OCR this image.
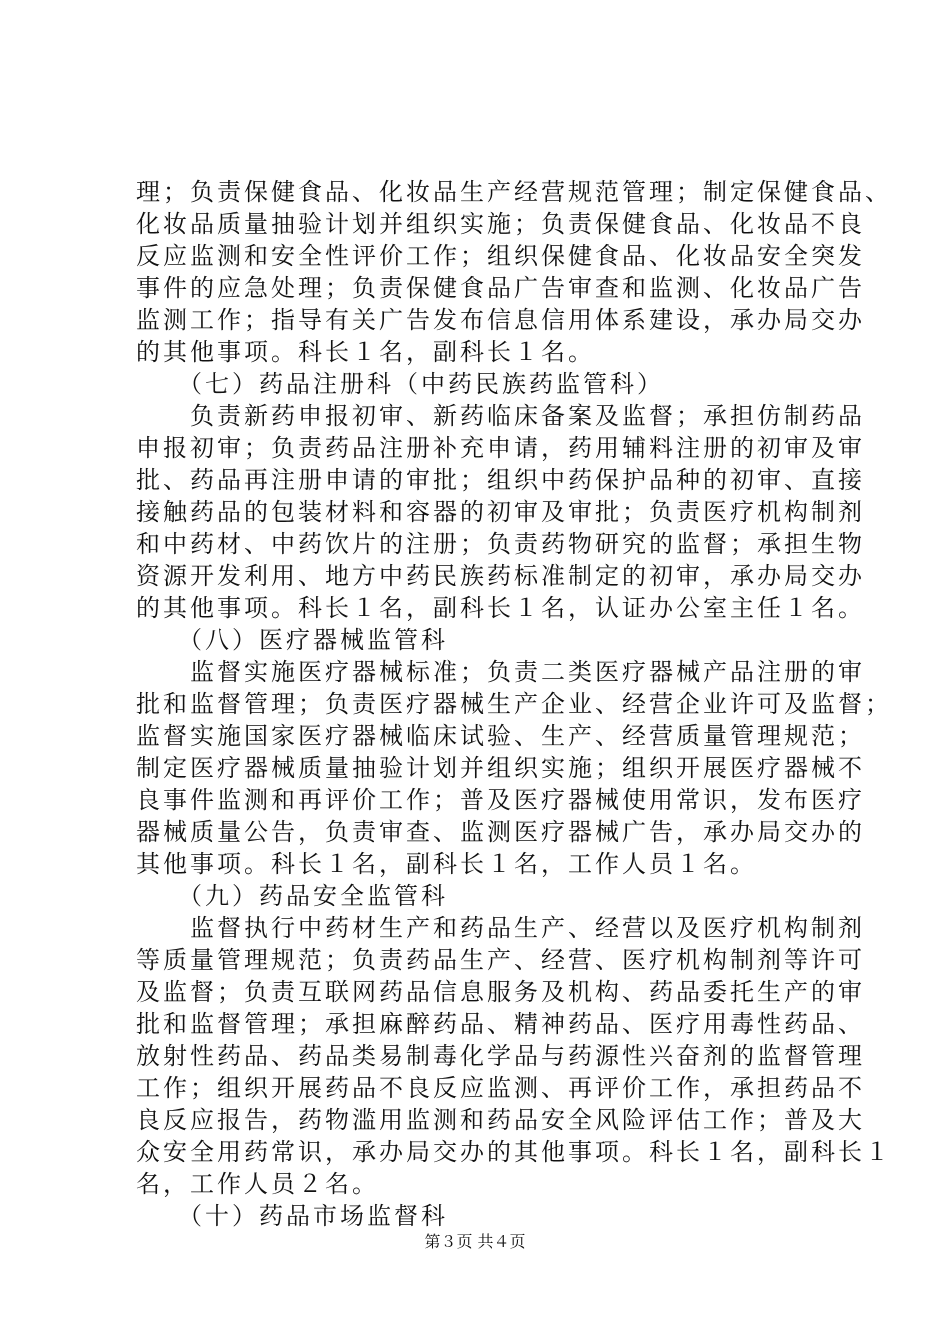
理；负责保健食品、化妆品生产经营规范管理；制定保健食品、
化妆品质量抽验计划并组织实施；负责保健食品、化妆品不良
反应监测和安全性评价工作；组织保健食品、化妆品安全突发
事件的应急处理；负责保健食品广告审查和监测、化妆品广告
监测工作；指导有关广告发布信息信用体系建设，承办局交办
的其他事项。科长１名，副科长１名。
　　（七）药品注册科（中药民族药监管科）
　　负责新药申报初审、新药临床备案及监督；承担仿制药品
申报初审；负责药品注册补充申请，药用辅料注册的初审及审
批、药品再注册申请的审批；组织中药保护品种的初审、直接
接触药品的包装材料和容器的初审及审批；负责医疗机构制剂
和中药材、中药饮片的注册；负责药物研究的监督；承担生物
资源开发利用、地方中药民族药标准制定的初审，承办局交办
的其他事项。科长１名，副科长１名，认证办公室主任１名。
　　（八）医疗器械监管科
　　监督实施医疗器械标准；负责二类医疗器械产品注册的审
批和监督管理；负责医疗器械生产企业、经营企业许可及监督；
监督实施国家医疗器械临床试验、生产、经营质量管理规范；
制定医疗器械质量抽验计划并组织实施；组织开展医疗器械不
良事件监测和再评价工作；普及医疗器械使用常识，发布医疗
器械质量公告，负责审查、监测医疗器械广告，承办局交办的
其他事项。科长１名，副科长１名，工作人员１名。
　　（九）药品安全监管科
　　监督执行中药材生产和药品生产、经营以及医疗机构制剂
等质量管理规范；负责药品生产、经营、医疗机构制剂等许可
及监督；负责互联网药品信息服务及机构、药品委托生产的审
批和监督管理；承担麻醉药品、精神药品、医疗用毒性药品、
放射性药品、药品类易制毒化学品与药源性兴奋剂的监督管理
工作；组织开展药品不良反应监测、再评价工作，承担药品不
良反应报告，药物滥用监测和药品安全风险评估工作；普及大
众安全用药常识，承办局交办的其他事项。科长１名，副科长１
名，工作人员２名。
　　（十）药品市场监督科
第３页 共４页
